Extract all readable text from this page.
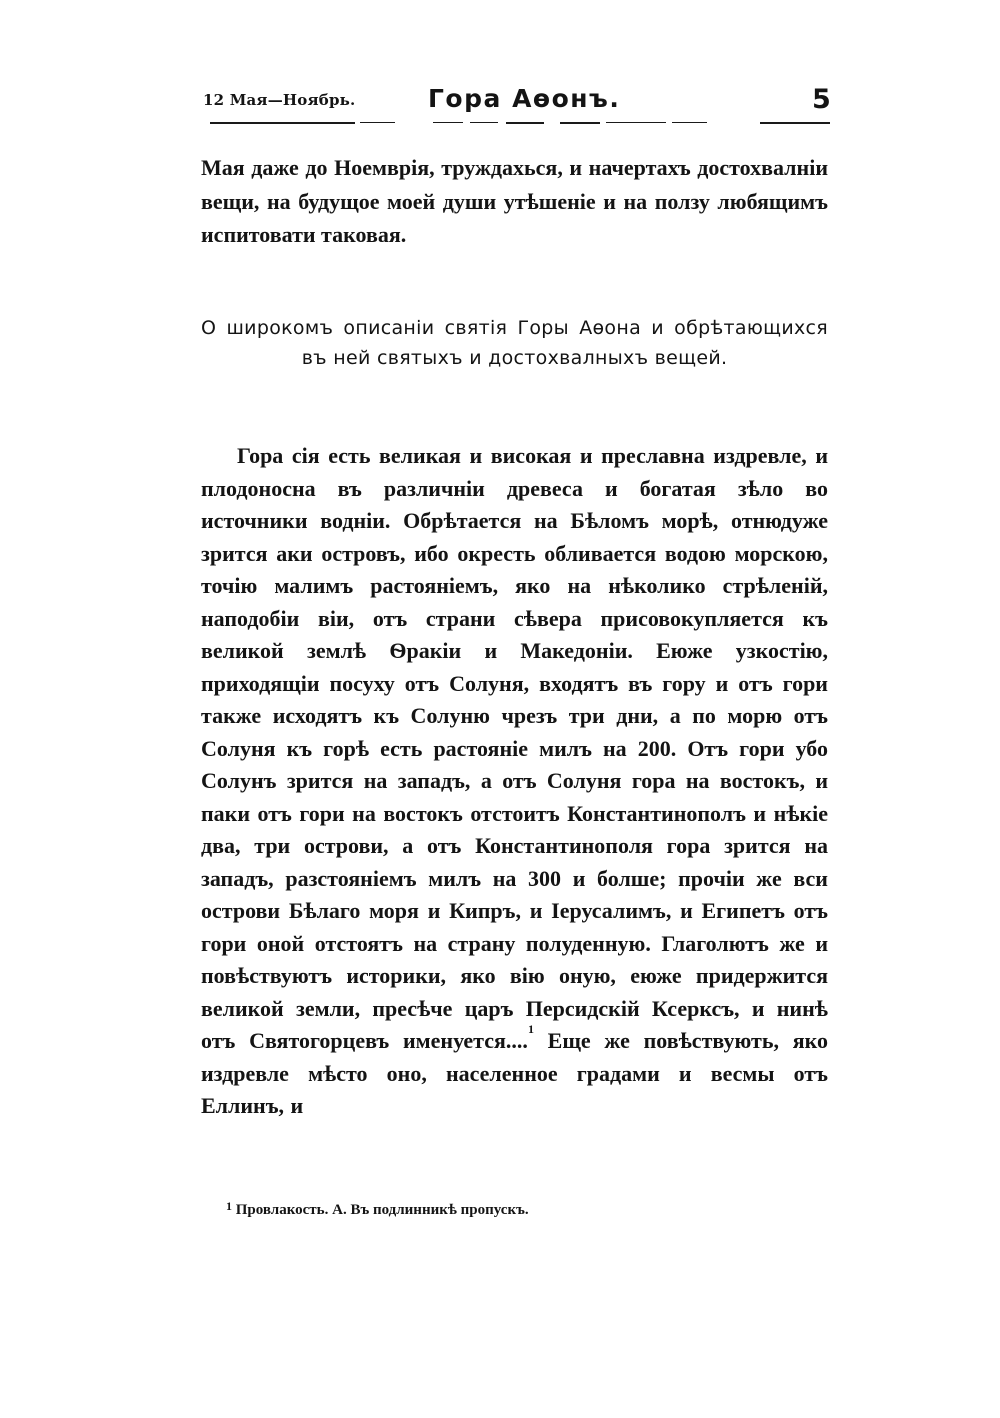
12 Мая—Ноябрь.	Гора Аѳонъ.	5

Мая даже до Ноемврія, труждахься, и начертахъ достохвалніи вещи, на будущое моей души утѣшеніе и на ползу любящимъ испитовати таковая.

О широкомъ описаніи святія Горы Аѳона и обрѣтающихся въ ней святыхъ и достохвалныхъ вещей.

Гора сія есть великая и високая и преславна издревле, и плодоносна въ различніи древеса и богатая зѣло во источники водніи. Обрѣтается на Бѣломъ морѣ, отнюдуже зрится аки островъ, ибо окресть обливается водою морскою, точію малимъ растояніемъ, яко на нѣколико стрѣленій, наподобіи віи, отъ страни сѣвера присовокупляется къ великой землѣ Ѳракіи и Македоніи. Еюже узкостію, приходящіи посуху отъ Солуня, входятъ въ гору и отъ гори также исходятъ къ Солуню чрезъ три дни, а по морю отъ Солуня къ горѣ есть растояніе милъ на 200. Отъ гори убо Солунъ зрится на западъ, а отъ Солуня гора на востокъ, и паки отъ гори на востокъ отстоитъ Константинополъ и нѣкіе два, три острови, а отъ Константинополя гора зрится на западъ, разстояніемъ милъ на 300 и болше; прочіи же вси острови Бѣлаго моря и Кипръ, и Іерусалимъ, и Египетъ отъ гори оной отстоятъ на страну полуденную. Глаголютъ же и повѣствуютъ историки, яко вію оную, еюже придержится великой земли, пресѣче царъ Персидскій Ксерксъ, и нинѣ отъ Святогорцевъ именуется....$^1$ Еще же повѣствують, яко издревле мѣсто оно, населенное градами и весмы отъ Еллинъ, и

$^1$ Провлакость. А. Въ подлинникѣ пропускъ.
